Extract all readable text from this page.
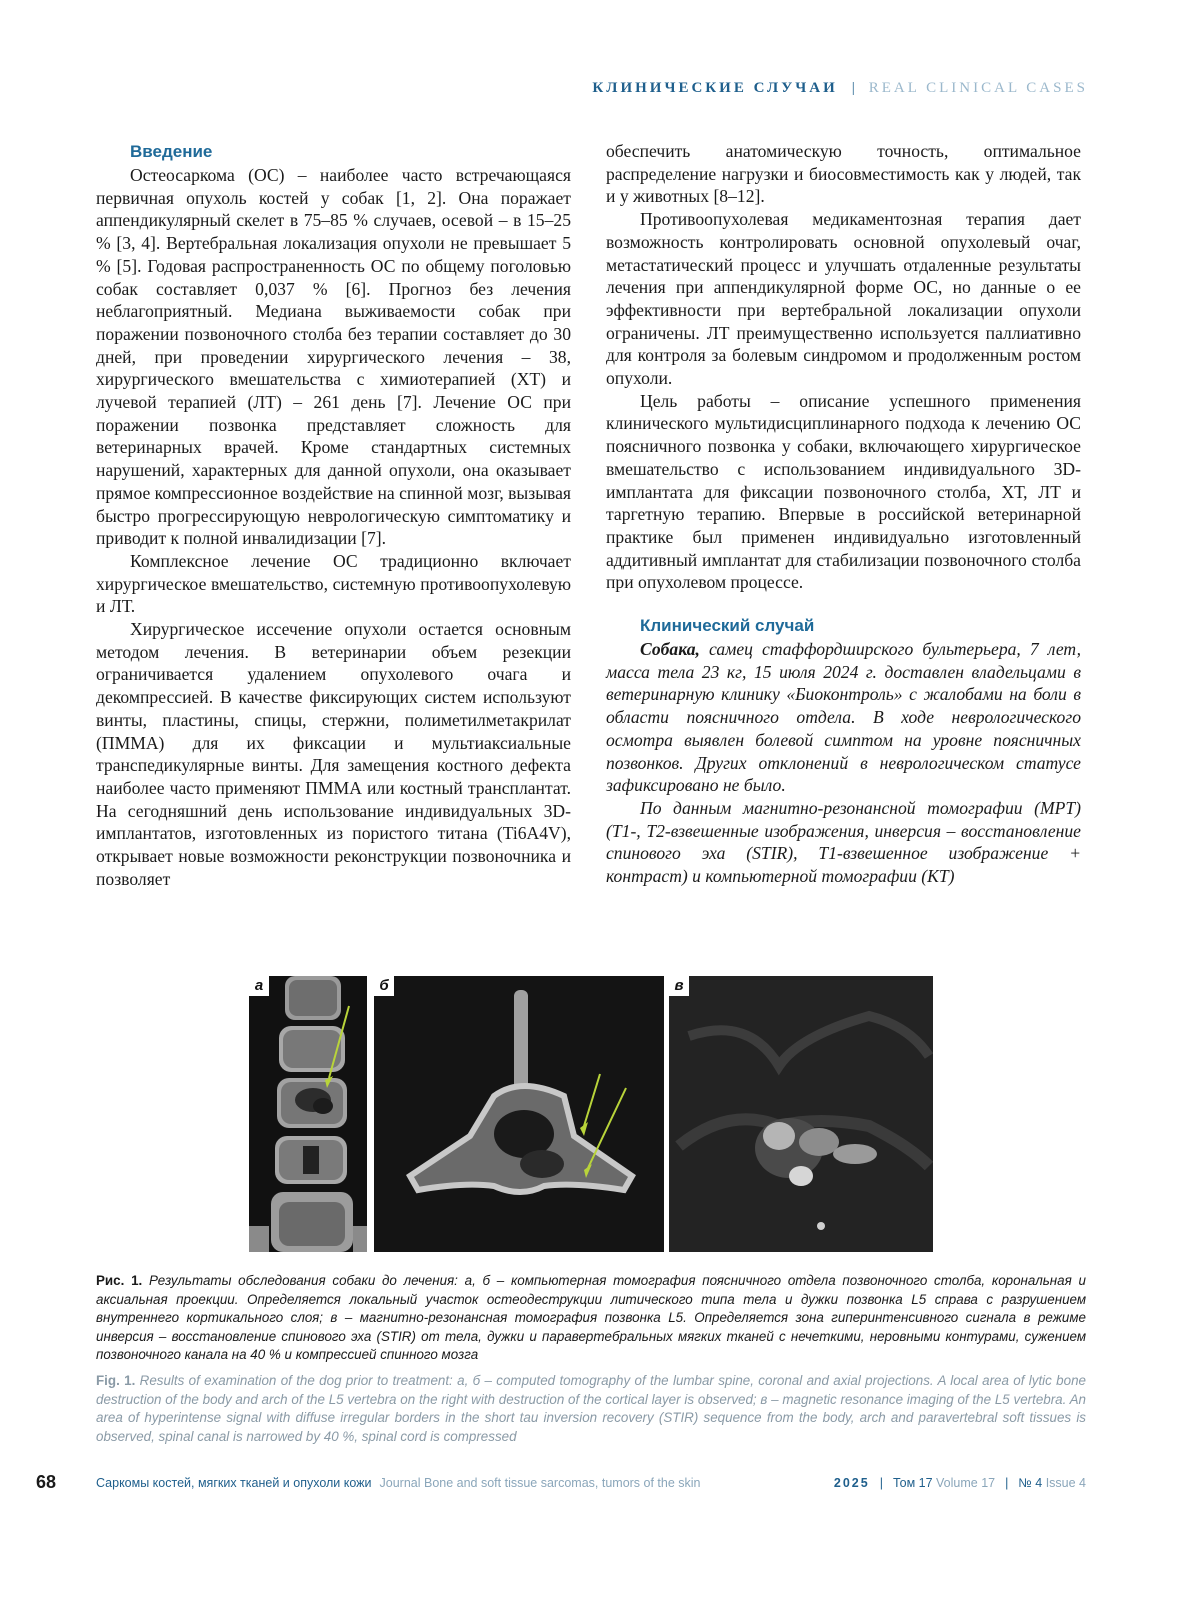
КЛИНИЧЕСКИЕ СЛУЧАИ | REAL CLINICAL CASES
Введение

Остеосаркома (ОС) – наиболее часто встречающаяся первичная опухоль костей у собак [1, 2]. Она поражает аппендикулярный скелет в 75–85 % случаев, осевой – в 15–25 % [3, 4]. Вертебральная локализация опухоли не превышает 5 % [5]. Годовая распространенность ОС по общему поголовью собак составляет 0,037 % [6]. Прогноз без лечения неблагоприятный. Медиана выживаемости собак при поражении позвоночного столба без терапии составляет до 30 дней, при проведении хирургического лечения – 38, хирургического вмешательства с химиотерапией (ХТ) и лучевой терапией (ЛТ) – 261 день [7]. Лечение ОС при поражении позвонка представляет сложность для ветеринарных врачей. Кроме стандартных системных нарушений, характерных для данной опухоли, она оказывает прямое компрессионное воздействие на спинной мозг, вызывая быстро прогрессирующую неврологическую симптоматику и приводит к полной инвалидизации [7].

Комплексное лечение ОС традиционно включает хирургическое вмешательство, системную противоопухолевую и ЛТ.

Хирургическое иссечение опухоли остается основным методом лечения. В ветеринарии объем резекции ограничивается удалением опухолевого очага и декомпрессией. В качестве фиксирующих систем используют винты, пластины, спицы, стержни, полиметилметакрилат (ПММА) для их фиксации и мультиаксиальные транспедикулярные винты. Для замещения костного дефекта наиболее часто применяют ПММА или костный трансплантат. На сегодняшний день использование индивидуальных 3D-имплантатов, изготовленных из пористого титана (Ti6A4V), открывает новые возможности реконструкции позвоночника и позволяет

обеспечить анатомическую точность, оптимальное распределение нагрузки и биосовместимость как у людей, так и у животных [8–12].

Противоопухолевая медикаментозная терапия дает возможность контролировать основной опухолевый очаг, метастатический процесс и улучшать отдаленные результаты лечения при аппендикулярной форме ОС, но данные о ее эффективности при вертебральной локализации опухоли ограничены. ЛТ преимущественно используется паллиативно для контроля за болевым синдромом и продолженным ростом опухоли.

Цель работы – описание успешного применения клинического мультидисциплинарного подхода к лечению ОС поясничного позвонка у собаки, включающего хирургическое вмешательство с использованием индивидуального 3D-имплантата для фиксации позвоночного столба, ХТ, ЛТ и таргетную терапию. Впервые в российской ветеринарной практике был применен индивидуально изготовленный аддитивный имплантат для стабилизации позвоночного столба при опухолевом процессе.

Клинический случай

Собака, самец стаффордширского бультерьера, 7 лет, масса тела 23 кг, 15 июля 2024 г. доставлен владельцами в ветеринарную клинику «Биоконтроль» с жалобами на боли в области поясничного отдела. В ходе неврологического осмотра выявлен болевой симптом на уровне поясничных позвонков. Других отклонений в неврологическом статусе зафиксировано не было.

По данным магнитно-резонансной томографии (МРТ) (Т1-, Т2-взвешенные изображения, инверсия – восстановление спинового эха (STIR), Т1-взвешенное изображение + контраст) и компьютерной томографии (КТ)

а	б	в
Рис. 1. Результаты обследования собаки до лечения: а, б – компьютерная томография поясничного отдела позвоночного столба, корональная и аксиальная проекции. Определяется локальный участок остеодеструкции литического типа тела и дужки позвонка L5 справа с разрушением внутреннего кортикального слоя; в – магнитно-резонансная томография позвонка L5. Определяется зона гиперинтенсивного сигнала в режиме инверсия – восстановление спинового эха (STIR) от тела, дужки и паравертебральных мягких тканей с нечеткими, неровными контурами, сужением позвоночного канала на 40 % и компрессией спинного мозга
Fig. 1. Results of examination of the dog prior to treatment: а, б – computed tomography of the lumbar spine, coronal and axial projections. A local area of lytic bone destruction of the body and arch of the L5 vertebra on the right with destruction of the cortical layer is observed; в – magnetic resonance imaging of the L5 vertebra. An area of hyperintense signal with diffuse irregular borders in the short tau inversion recovery (STIR) sequence from the body, arch and paravertebral soft tissues is observed, spinal canal is narrowed by 40 %, spinal cord is compressed
68	Саркомы костей, мягких тканей и опухоли кожи Journal Bone and soft tissue sarcomas, tumors of the skin	2025 | Том 17 Volume 17 | № 4 Issue 4
